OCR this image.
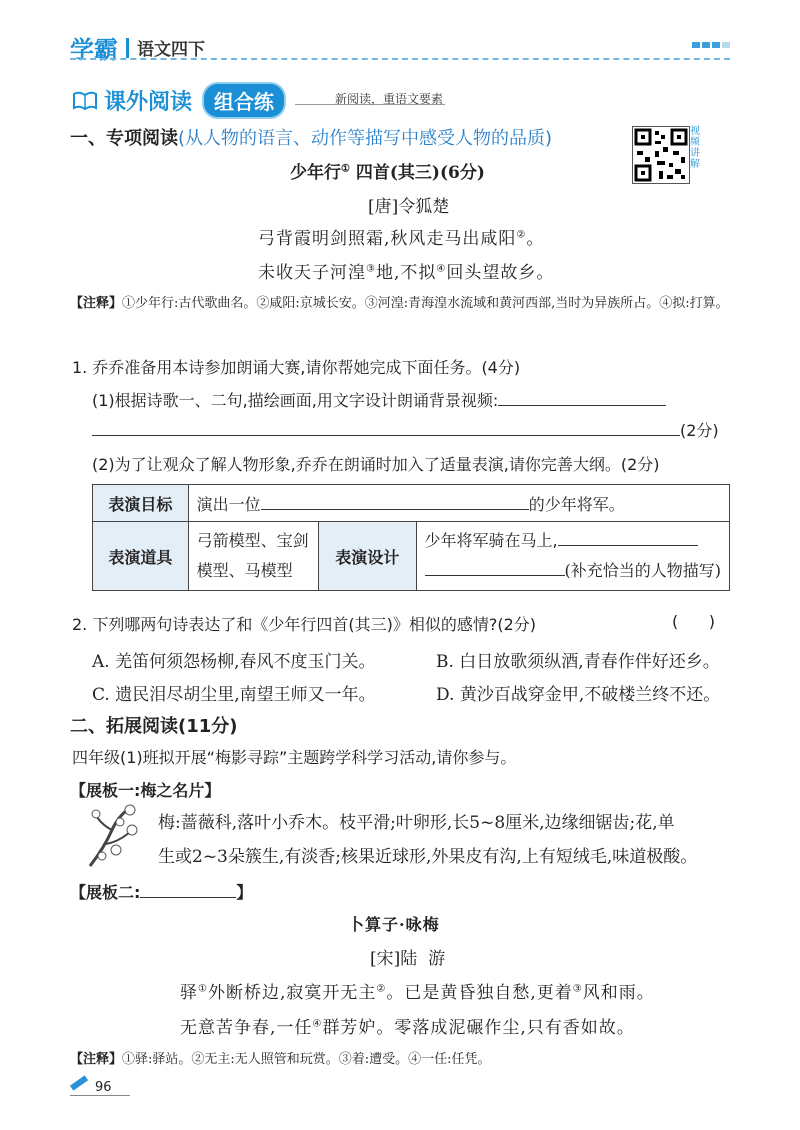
学霸 语文四下
课外阅读	组合练	新阅读，重语文要素
一、专项阅读(从人物的语言、动作等描写中感受人物的品质)	视频讲解
少年行① 四首(其三)(6分)
[唐]令狐楚
弓背霞明剑照霜,秋风走马出咸阳②。
未收天子河湟③地,不拟④回头望故乡。
【注释】①少年行:古代歌曲名。②咸阳:京城长安。③河湟:青海湟水流域和黄河西部,当时为异族所占。④拟:打算。
1. 乔乔准备用本诗参加朗诵大赛,请你帮她完成下面任务。(4分)
(1)根据诗歌一、二句,描绘画面,用文字设计朗诵背景视频:
(2分)
(2)为了让观众了解人物形象,乔乔在朗诵时加入了适量表演,请你完善大纲。(2分)
表演目标	演出一位 的少年将军。		
表演道具	弓箭模型、宝剑模型、马模型	表演设计	少年将军骑在马上,
(补充恰当的人物描写)
2. 下列哪两句诗表达了和《少年行四首(其三)》相似的感情?(2分)	(      )
A. 羌笛何须怨杨柳,春风不度玉门关。	B. 白日放歌须纵酒,青春作伴好还乡。
C. 遗民泪尽胡尘里,南望王师又一年。	D. 黄沙百战穿金甲,不破楼兰终不还。
二、拓展阅读(11分)
四年级(1)班拟开展“梅影寻踪”主题跨学科学习活动,请你参与。
【展板一:梅之名片】
梅:蔷薇科,落叶小乔木。枝平滑;叶卵形,长5~8厘米,边缘细锯齿;花,单
生或2~3朵簇生,有淡香;核果近球形,外果皮有沟,上有短绒毛,味道极酸。
【展板二:	】
卜算子·咏梅
[宋]陆  游
驿①外断桥边,寂寞开无主②。已是黄昏独自愁,更着③风和雨。
无意苦争春,一任④群芳妒。零落成泥碾作尘,只有香如故。
【注释】①驿:驿站。②无主:无人照管和玩赏。③着:遭受。④一任:任凭。
96
